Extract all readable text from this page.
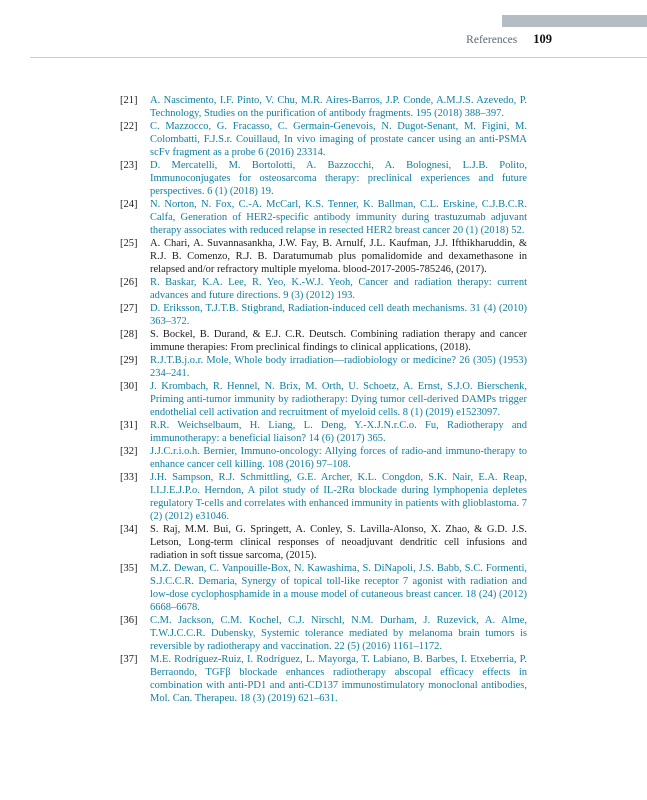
References 109
[21]	A. Nascimento, I.F. Pinto, V. Chu, M.R. Aires-Barros, J.P. Conde, A.M.J.S. Azevedo, P. Technology, Studies on the purification of antibody fragments. 195 (2018) 388–397.
[22]	C. Mazzocco, G. Fracasso, C. Germain-Genevois, N. Dugot-Senant, M. Figini, M. Colombatti, F.J.S.r. Couillaud, In vivo imaging of prostate cancer using an anti-PSMA scFv fragment as a probe 6 (2016) 23314.
[23]	D. Mercatelli, M. Bortolotti, A. Bazzocchi, A. Bolognesi, L.J.B. Polito, Immunoconjugates for osteosarcoma therapy: preclinical experiences and future perspectives. 6 (1) (2018) 19.
[24]	N. Norton, N. Fox, C.-A. McCarl, K.S. Tenner, K. Ballman, C.L. Erskine, C.J.B.C.R. Calfa, Generation of HER2-specific antibody immunity during trastuzumab adjuvant therapy associates with reduced relapse in resected HER2 breast cancer 20 (1) (2018) 52.
[25]	A. Chari, A. Suvannasankha, J.W. Fay, B. Arnulf, J.L. Kaufman, J.J. Ifthikharuddin, & R.J. B. Comenzo, R.J. B. Daratumumab plus pomalidomide and dexamethasone in relapsed and/or refractory multiple myeloma. blood-2017-2005-785246, (2017).
[26]	R. Baskar, K.A. Lee, R. Yeo, K.-W.J. Yeoh, Cancer and radiation therapy: current advances and future directions. 9 (3) (2012) 193.
[27]	D. Eriksson, T.J.T.B. Stigbrand, Radiation-induced cell death mechanisms. 31 (4) (2010) 363–372.
[28]	S. Bockel, B. Durand, & E.J. C.R. Deutsch. Combining radiation therapy and cancer immune therapies: From preclinical findings to clinical applications, (2018).
[29]	R.J.T.B.j.o.r. Mole, Whole body irradiation—radiobiology or medicine? 26 (305) (1953) 234–241.
[30]	J. Krombach, R. Hennel, N. Brix, M. Orth, U. Schoetz, A. Ernst, S.J.O. Bierschenk, Priming anti-tumor immunity by radiotherapy: Dying tumor cell-derived DAMPs trigger endothelial cell activation and recruitment of myeloid cells. 8 (1) (2019) e1523097.
[31]	R.R. Weichselbaum, H. Liang, L. Deng, Y.-X.J.N.r.C.o. Fu, Radiotherapy and immunotherapy: a beneficial liaison? 14 (6) (2017) 365.
[32]	J.J.C.r.i.o.h. Bernier, Immuno-oncology: Allying forces of radio-and immuno-therapy to enhance cancer cell killing. 108 (2016) 97–108.
[33]	J.H. Sampson, R.J. Schmittling, G.E. Archer, K.L. Congdon, S.K. Nair, E.A. Reap, I.I.J.E.J.P.o. Herndon, A pilot study of IL-2Rα blockade during lymphopenia depletes regulatory T-cells and correlates with enhanced immunity in patients with glioblastoma. 7 (2) (2012) e31046.
[34]	S. Raj, M.M. Bui, G. Springett, A. Conley, S. Lavilla-Alonso, X. Zhao, & G.D. J.S. Letson, Long-term clinical responses of neoadjuvant dendritic cell infusions and radiation in soft tissue sarcoma, (2015).
[35]	M.Z. Dewan, C. Vanpouille-Box, N. Kawashima, S. DiNapoli, J.S. Babb, S.C. Formenti, S.J.C.C.R. Demaria, Synergy of topical toll-like receptor 7 agonist with radiation and low-dose cyclophosphamide in a mouse model of cutaneous breast cancer. 18 (24) (2012) 6668–6678.
[36]	C.M. Jackson, C.M. Kochel, C.J. Nirschl, N.M. Durham, J. Ruzevick, A. Alme, T.W.J.C.C.R. Dubensky, Systemic tolerance mediated by melanoma brain tumors is reversible by radiotherapy and vaccination. 22 (5) (2016) 1161–1172.
[37]	M.E. Rodríguez-Ruiz, I. Rodríguez, L. Mayorga, T. Labiano, B. Barbes, I. Etxeberria, P. Berraondo, TGFβ blockade enhances radiotherapy abscopal efficacy effects in combination with anti-PD1 and anti-CD137 immunostimulatory monoclonal antibodies, Mol. Can. Therapeu. 18 (3) (2019) 621–631.
